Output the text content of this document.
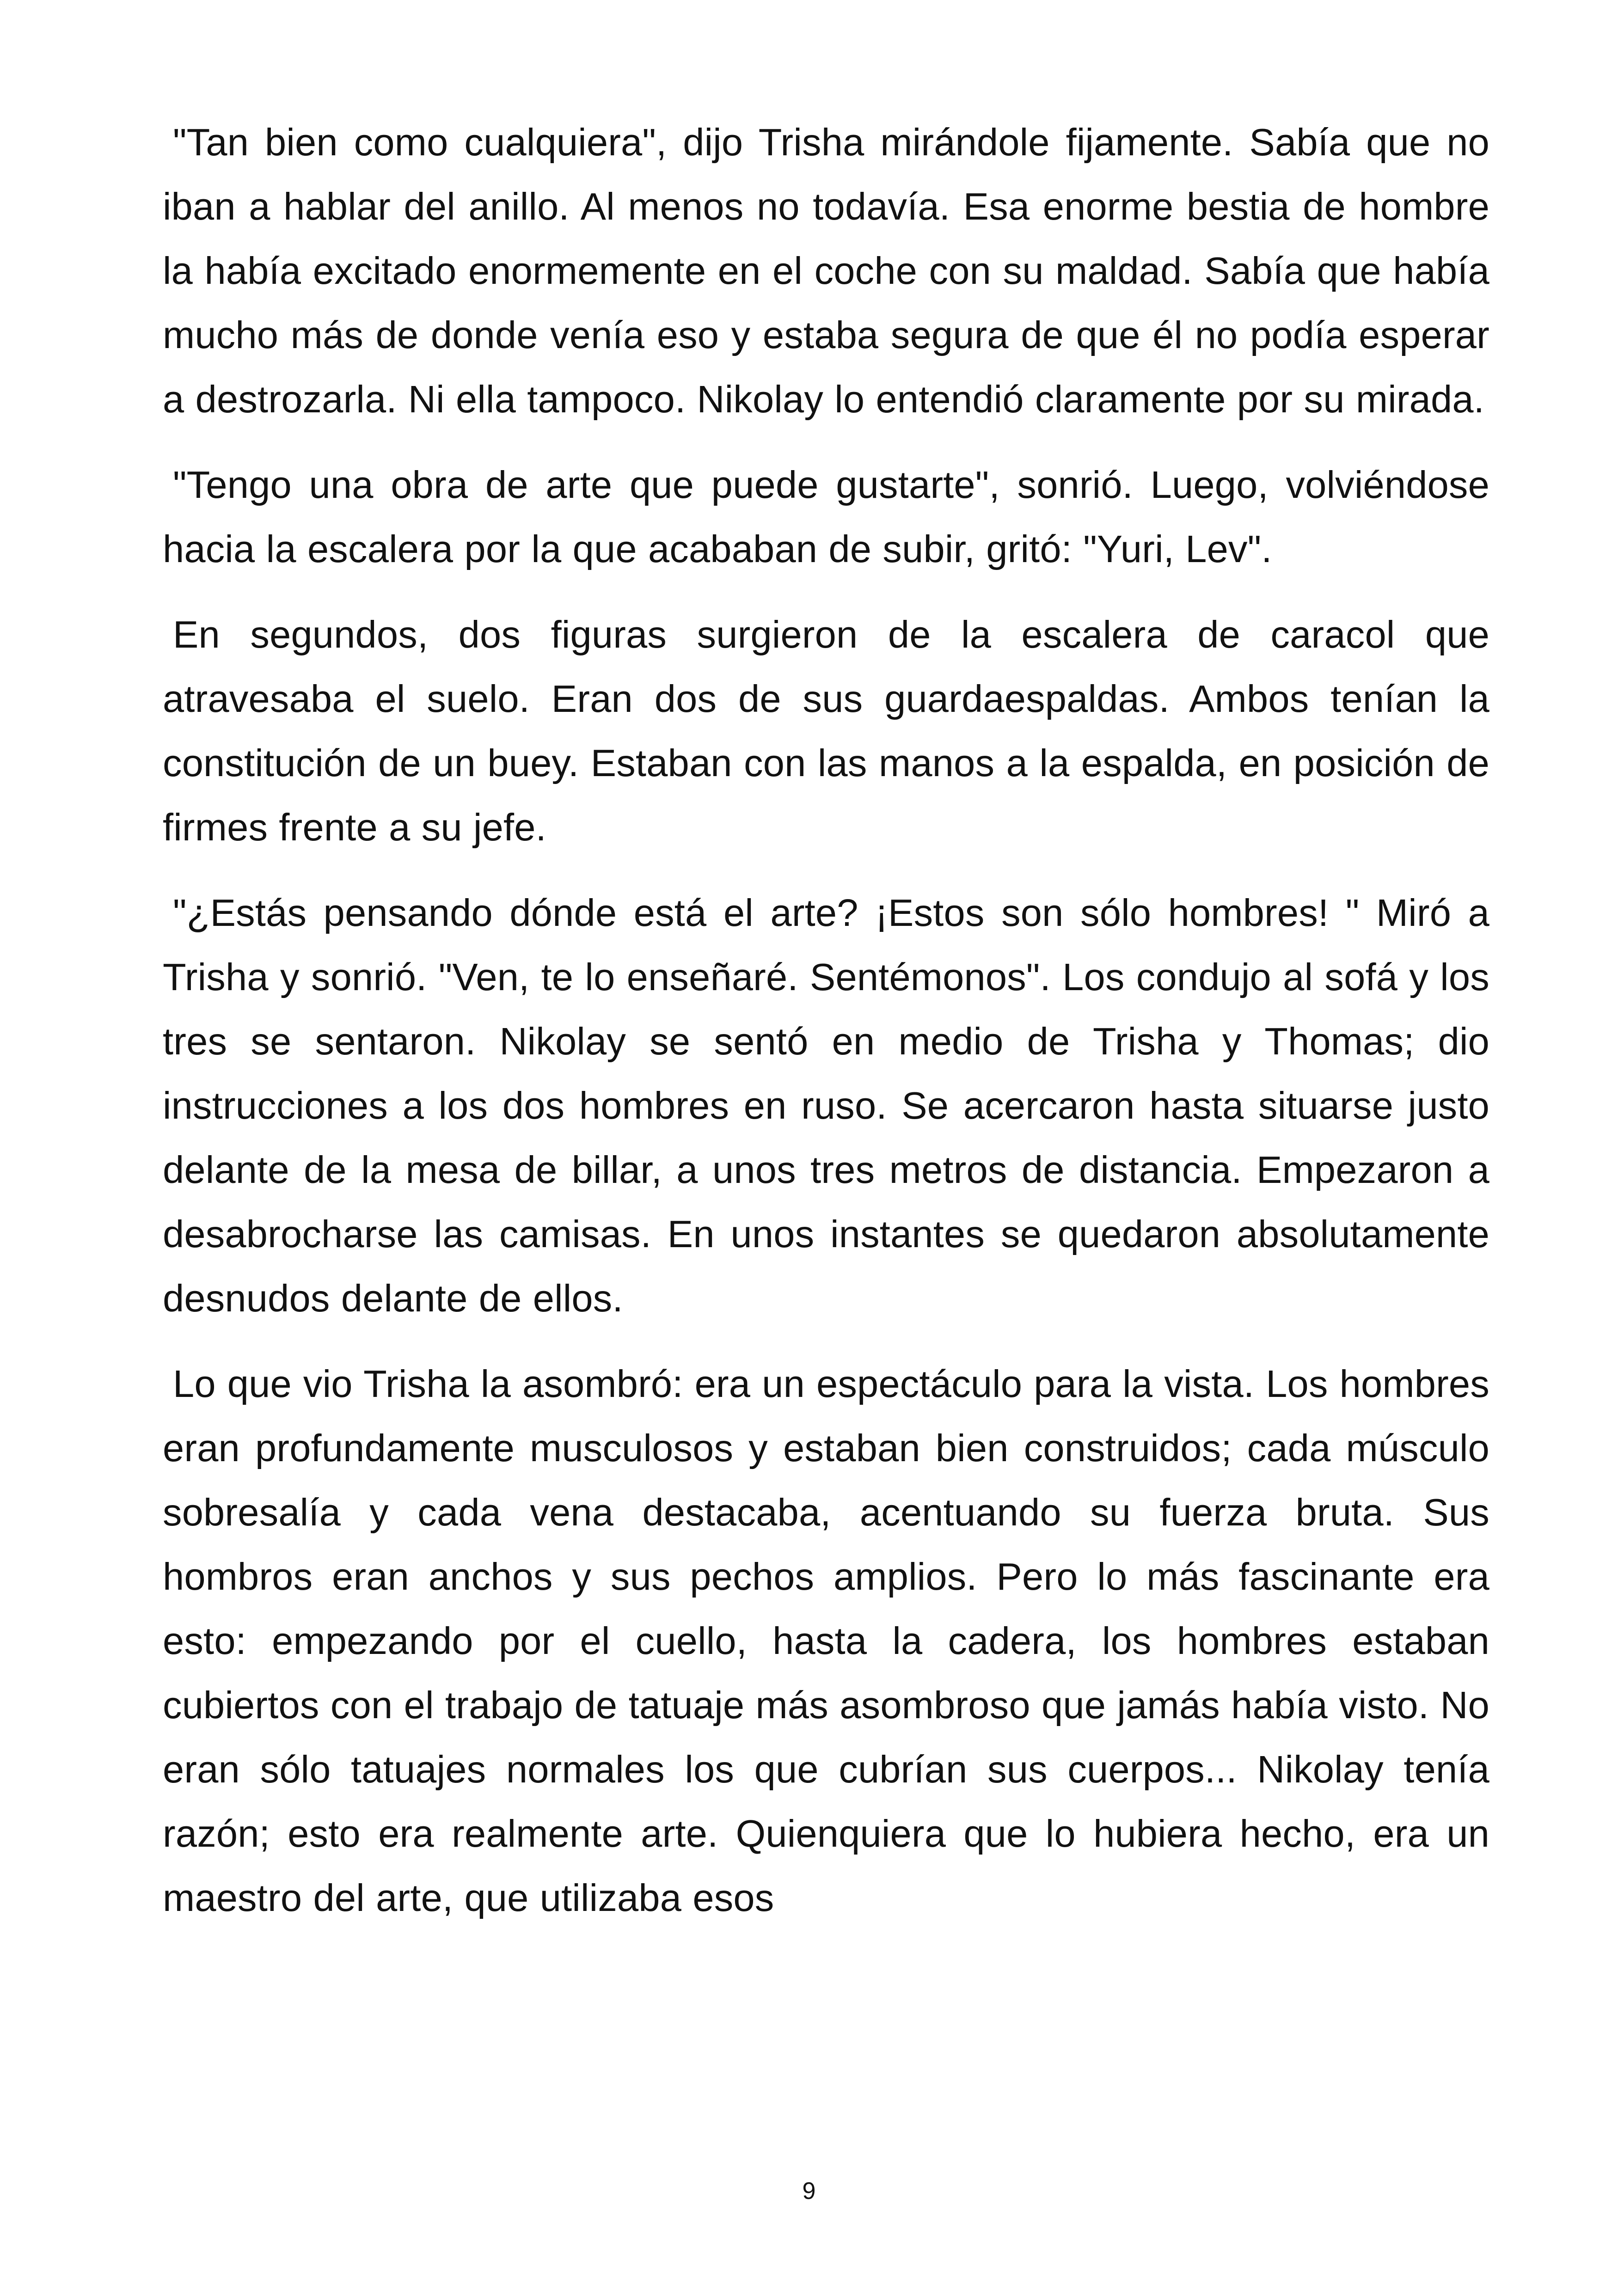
"Tan bien como cualquiera", dijo Trisha mirándole fijamente. Sabía que no iban a hablar del anillo. Al menos no todavía. Esa enorme bestia de hombre la había excitado enormemente en el coche con su maldad. Sabía que había mucho más de donde venía eso y estaba segura de que él no podía esperar a destrozarla. Ni ella tampoco. Nikolay lo entendió claramente por su mirada.

"Tengo una obra de arte que puede gustarte", sonrió. Luego, volviéndose hacia la escalera por la que acababan de subir, gritó: "Yuri, Lev".

En segundos, dos figuras surgieron de la escalera de caracol que atravesaba el suelo. Eran dos de sus guardaespaldas. Ambos tenían la constitución de un buey. Estaban con las manos a la espalda, en posición de firmes frente a su jefe.

"¿Estás pensando dónde está el arte? ¡Estos son sólo hombres! " Miró a Trisha y sonrió. "Ven, te lo enseñaré. Sentémonos". Los condujo al sofá y los tres se sentaron. Nikolay se sentó en medio de Trisha y Thomas; dio instrucciones a los dos hombres en ruso. Se acercaron hasta situarse justo delante de la mesa de billar, a unos tres metros de distancia. Empezaron a desabrocharse las camisas. En unos instantes se quedaron absolutamente desnudos delante de ellos.

Lo que vio Trisha la asombró: era un espectáculo para la vista. Los hombres eran profundamente musculosos y estaban bien construidos; cada músculo sobresalía y cada vena destacaba, acentuando su fuerza bruta. Sus hombros eran anchos y sus pechos amplios. Pero lo más fascinante era esto: empezando por el cuello, hasta la cadera, los hombres estaban cubiertos con el trabajo de tatuaje más asombroso que jamás había visto. No eran sólo tatuajes normales los que cubrían sus cuerpos... Nikolay tenía razón; esto era realmente arte. Quienquiera que lo hubiera hecho, era un maestro del arte, que utilizaba esos

9
